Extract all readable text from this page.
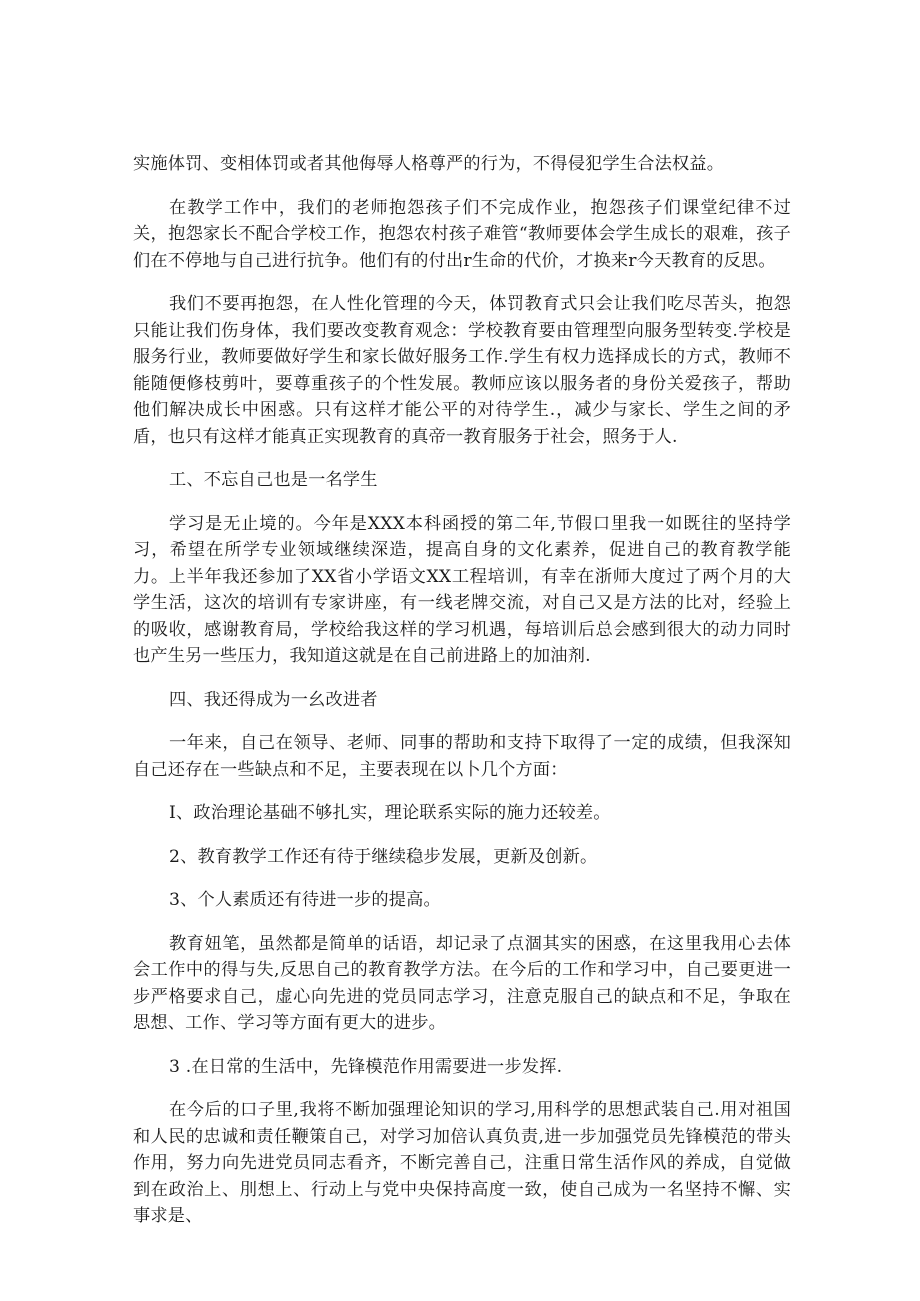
实施体罚、变相体罚或者其他侮辱人格尊严的行为，不得侵犯学生合法权益。

在教学工作中，我们的老师抱怨孩子们不完成作业，抱怨孩子们课堂纪律不过关，抱怨家长不配合学校工作，抱怨农村孩子难管“教师要体会学生成长的艰难，孩子们在不停地与自己进行抗争。他们有的付出r生命的代价，才换来r今天教育的反思。

我们不要再抱怨，在人性化管理的今天，体罚教育式只会让我们吃尽苦头，抱怨只能让我们伤身体，我们要改变教育观念：学校教育要由管理型向服务型转变.学校是服务行业，教师要做好学生和家长做好服务工作.学生有权力选择成长的方式，教师不能随便修枝剪叶，要尊重孩子的个性发展。教师应该以服务者的身份关爱孩子，帮助他们解决成长中困惑。只有这样才能公平的对待学生.，减少与家长、学生之间的矛盾，也只有这样才能真正实现教育的真帝一教育服务于社会，照务于人.

工、不忘自己也是一名学生

学习是无止境的。今年是XXX本科函授的第二年,节假口里我一如既往的坚持学习，希望在所学专业领域继续深造，提高自身的文化素养，促进自己的教育教学能力。上半年我还参加了XX省小学语文XX工程培训，有幸在浙师大度过了两个月的大学生活，这次的培训有专家讲座，有一线老牌交流，对自己又是方法的比对，经验上的吸收，感谢教育局，学校给我这样的学习机遇，每培训后总会感到很大的动力同时也产生另一些压力，我知道这就是在自己前进路上的加油剂.

四、我还得成为一幺改进者

一年来，自己在领导、老师、同事的帮助和支持下取得了一定的成绩，但我深知自己还存在一些缺点和不足，主要表现在以卜几个方面：

I、政治理论基础不够扎实，理论联系实际的施力还较差。

2、教育教学工作还有待于继续稳步发展，更新及创新。

3、个人素质还有待进一步的提高。

教育妞笔，虽然都是简单的话语，却记录了点涸其实的困惑，在这里我用心去体会工作中的得与失,反思自己的教育教学方法。在今后的工作和学习中，自己要更进一步严格要求自己，虚心向先进的党员同志学习，注意克服自己的缺点和不足，争取在思想、工作、学习等方面有更大的进步。

3 .在日常的生活中，先锋模范作用需要进一步发挥.

在今后的口子里,我将不断加强理论知识的学习,用科学的思想武装自己.用对祖国和人民的忠诚和责任鞭策自己，对学习加倍认真负责,进一步加强党员先锋模范的带头作用，努力向先进党员同志看齐，不断完善自己，注重日常生活作风的养成，自觉做到在政治上、刖想上、行动上与党中央保持高度一致，使自己成为一名坚持不懈、实事求是、
